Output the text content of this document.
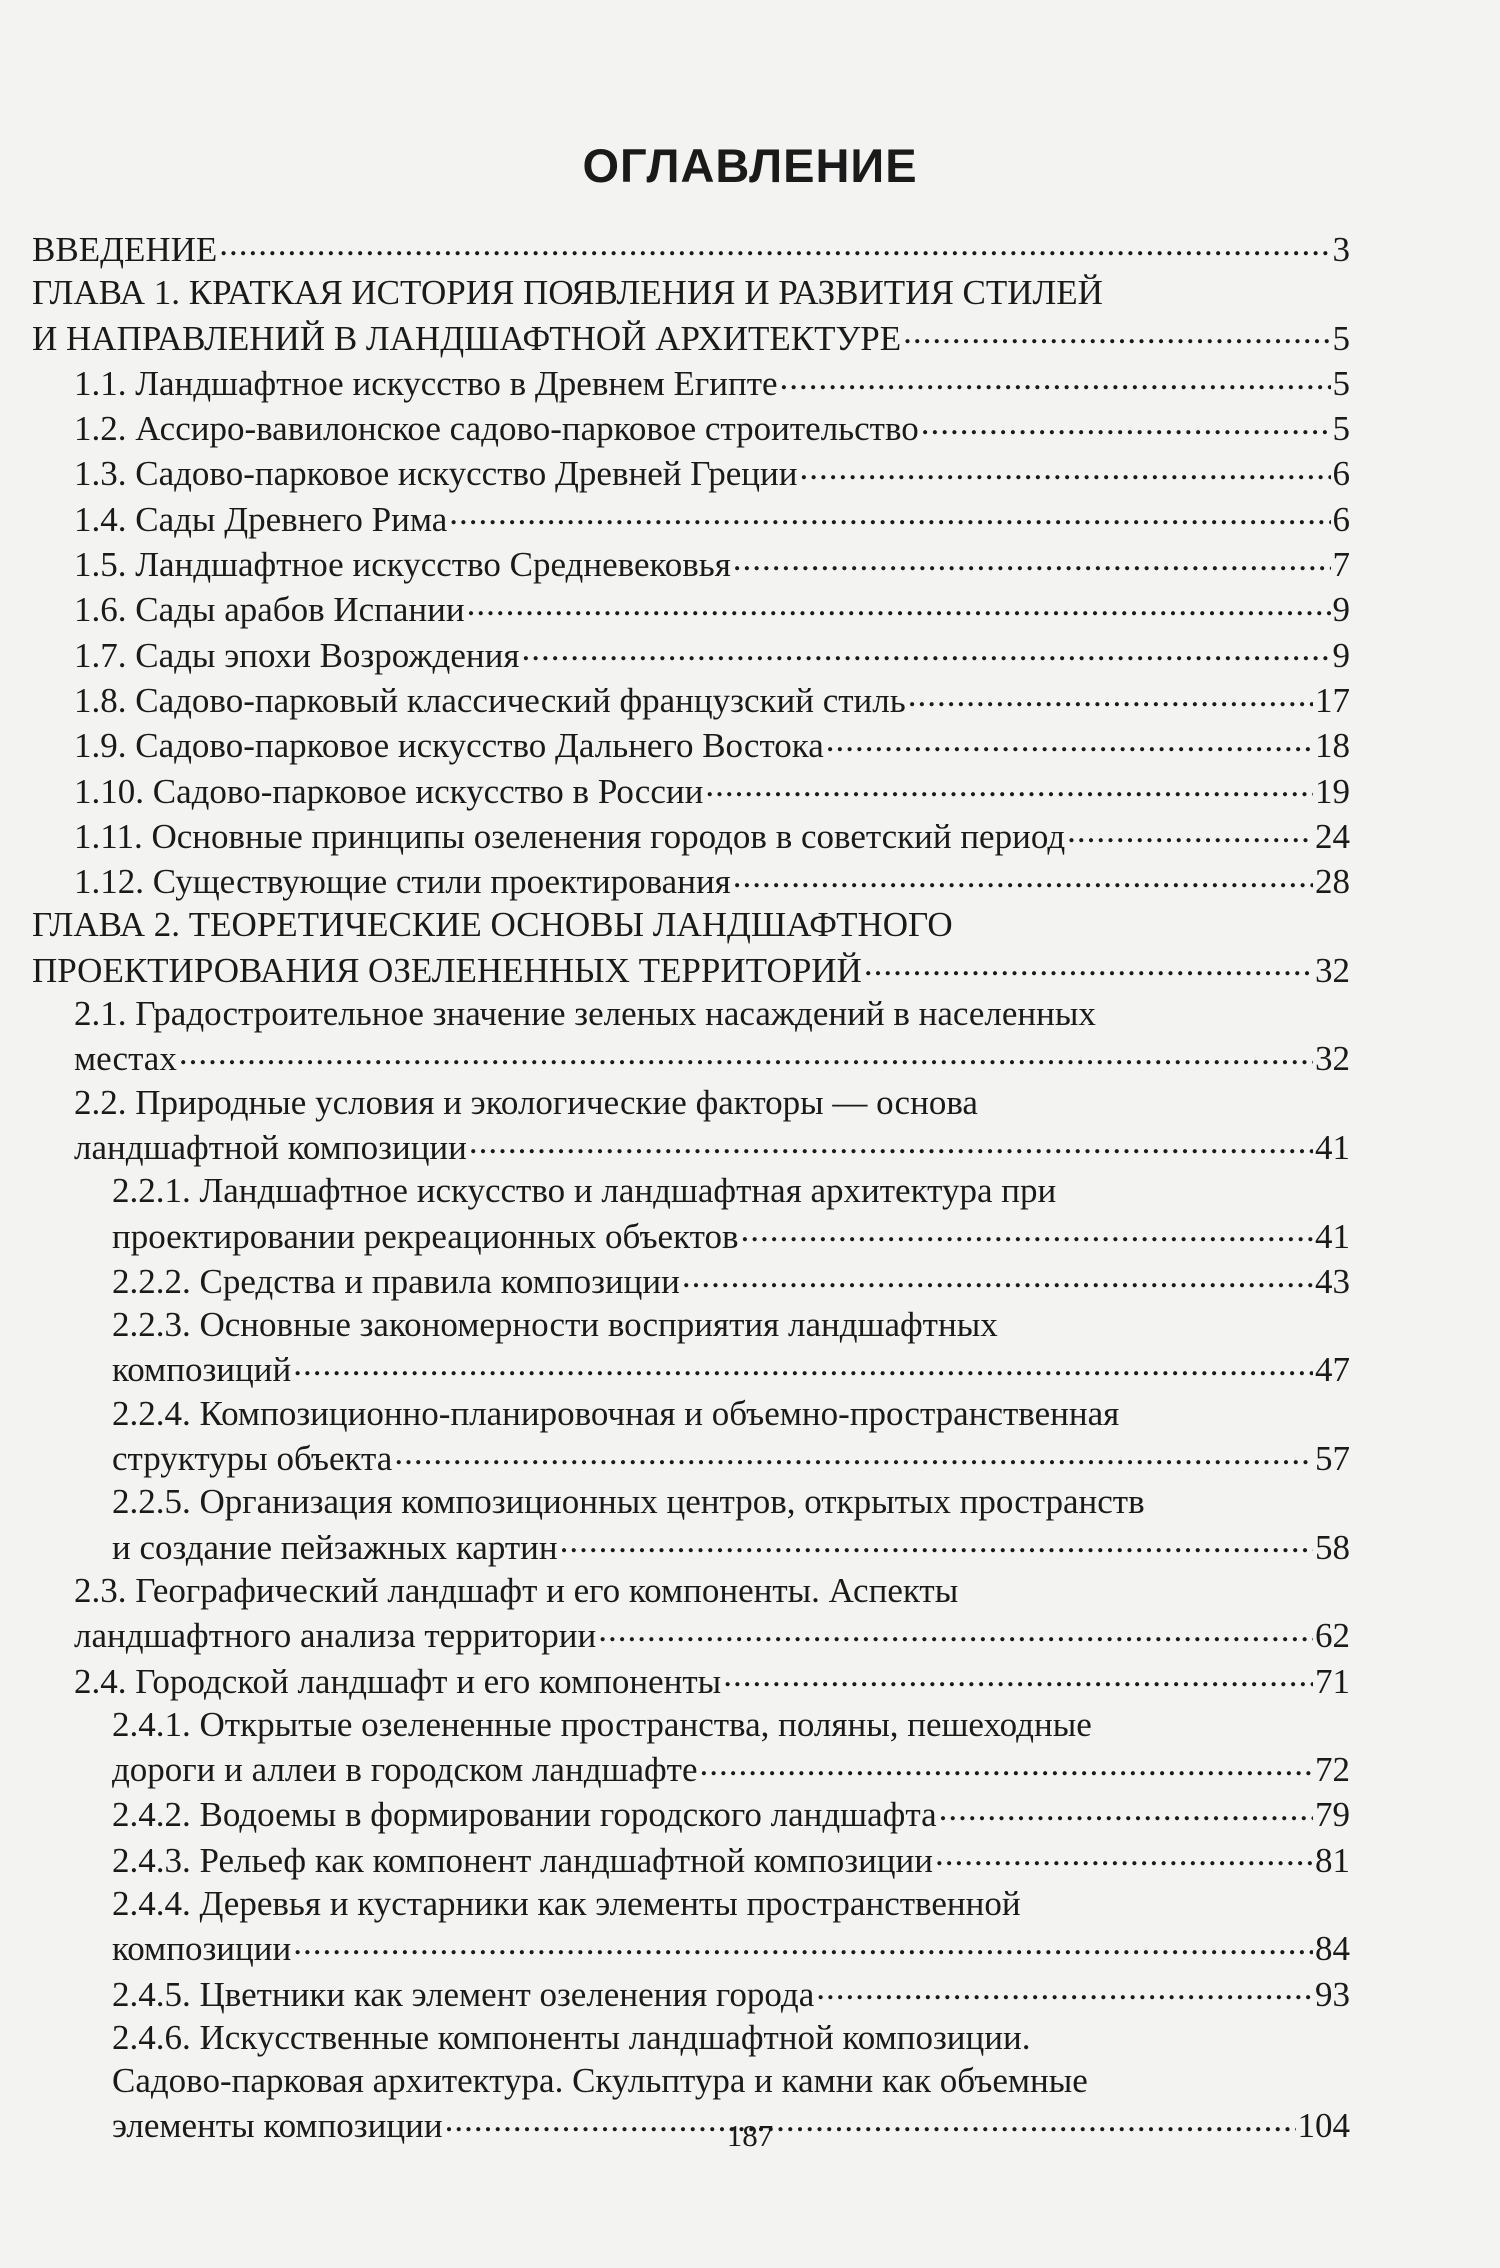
ОГЛАВЛЕНИЕ
ВВЕДЕНИЕ .....	3
ГЛАВА 1. КРАТКАЯ ИСТОРИЯ ПОЯВЛЕНИЯ И РАЗВИТИЯ СТИЛЕЙ
И НАПРАВЛЕНИЙ В ЛАНДШАФТНОЙ АРХИТЕКТУРЕ .....	5
1.1. Ландшафтное искусство в Древнем Египте .....	5
1.2. Ассиро-вавилонское садово-парковое строительство .....	5
1.3. Садово-парковое искусство Древней Греции .....	6
1.4. Сады Древнего Рима .....	6
1.5. Ландшафтное искусство Средневековья .....	7
1.6. Сады арабов Испании .....	9
1.7. Сады эпохи Возрождения .....	9
1.8. Садово-парковый классический французский стиль .....	17
1.9. Садово-парковое искусство Дальнего Востока .....	18
1.10. Садово-парковое искусство в России .....	19
1.11. Основные принципы озеленения городов в советский период .....	24
1.12. Существующие стили проектирования .....	28
ГЛАВА 2. ТЕОРЕТИЧЕСКИЕ ОСНОВЫ ЛАНДШАФТНОГО
ПРОЕКТИРОВАНИЯ ОЗЕЛЕНЕННЫХ ТЕРРИТОРИЙ .....	32
2.1. Градостроительное значение зеленых насаждений в населенных
местах .....	32
2.2. Природные условия и экологические факторы — основа
ландшафтной композиции .....	41
2.2.1. Ландшафтное искусство и ландшафтная архитектура при
проектировании рекреационных объектов .....	41
2.2.2. Средства и правила композиции .....	43
2.2.3. Основные закономерности восприятия ландшафтных
композиций .....	47
2.2.4. Композиционно-планировочная и объемно-пространственная
структуры объекта .....	57
2.2.5. Организация композиционных центров, открытых пространств
и создание пейзажных картин .....	58
2.3. Географический ландшафт и его компоненты. Аспекты
ландшафтного анализа территории .....	62
2.4. Городской ландшафт и его компоненты .....	71
2.4.1. Открытые озелененные пространства, поляны, пешеходные
дороги и аллеи в городском ландшафте .....	72
2.4.2. Водоемы в формировании городского ландшафта .....	79
2.4.3. Рельеф как компонент ландшафтной композиции .....	81
2.4.4. Деревья и кустарники как элементы пространственной
композиции .....	84
2.4.5. Цветники как элемент озеленения города .....	93
2.4.6. Искусственные компоненты ландшафтной композиции.
Садово-парковая архитектура. Скульптура и камни как объемные
элементы композиции .....	104
187
